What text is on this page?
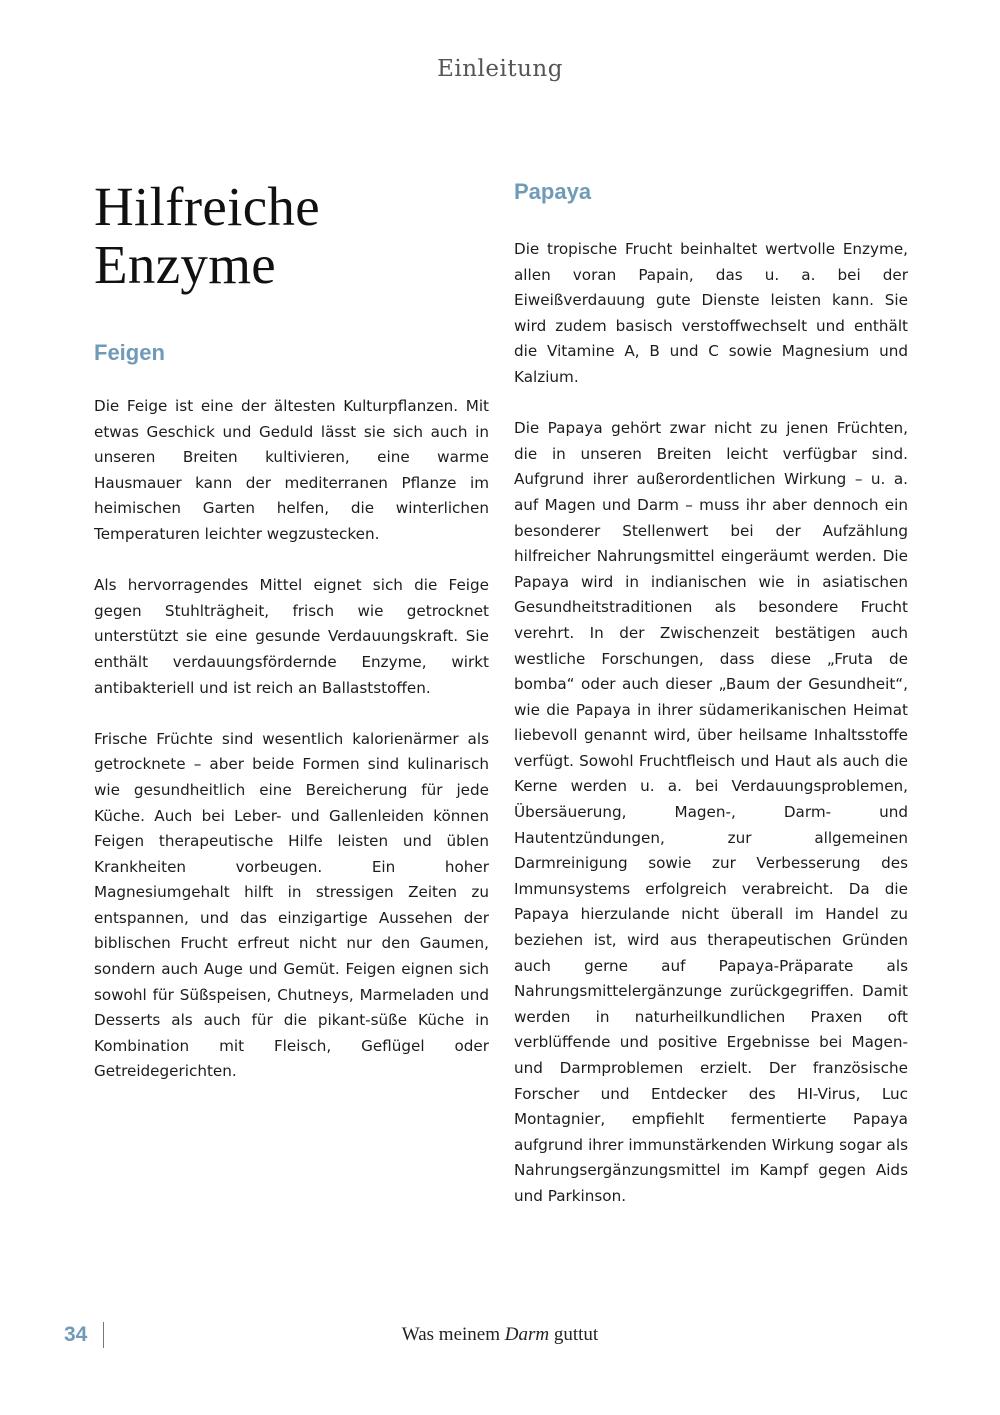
Einleitung
Hilfreiche
Enzyme
Feigen

Die Feige ist eine der ältesten Kulturpflanzen. Mit etwas Geschick und Geduld lässt sie sich auch in unseren Breiten kultivieren, eine warme Hausmauer kann der mediterranen Pflanze im heimischen Garten helfen, die winterlichen Temperaturen leichter wegzustecken.

Als hervorragendes Mittel eignet sich die Feige gegen Stuhlträgheit, frisch wie getrocknet unterstützt sie eine gesunde Verdauungskraft. Sie enthält verdauungsfördernde Enzyme, wirkt antibakteriell und ist reich an Ballaststoffen.

Frische Früchte sind wesentlich kalorienärmer als getrocknete – aber beide Formen sind kulinarisch wie gesundheitlich eine Bereicherung für jede Küche. Auch bei Leber- und Gallenleiden können Feigen therapeutische Hilfe leisten und üblen Krankheiten vorbeugen. Ein hoher Magnesiumgehalt hilft in stressigen Zeiten zu entspannen, und das einzigartige Aussehen der biblischen Frucht erfreut nicht nur den Gaumen, sondern auch Auge und Gemüt. Feigen eignen sich sowohl für Süßspeisen, Chutneys, Marmeladen und Desserts als auch für die pikant-süße Küche in Kombination mit Fleisch, Geflügel oder Getreidegerichten.

Papaya

Die tropische Frucht beinhaltet wertvolle Enzyme, allen voran Papain, das u. a. bei der Eiweißverdauung gute Dienste leisten kann. Sie wird zudem basisch verstoffwechselt und enthält die Vitamine A, B und C sowie Magnesium und Kalzium.

Die Papaya gehört zwar nicht zu jenen Früchten, die in unseren Breiten leicht verfügbar sind. Aufgrund ihrer außerordentlichen Wirkung – u. a. auf Magen und Darm – muss ihr aber dennoch ein besonderer Stellenwert bei der Aufzählung hilfreicher Nahrungsmittel eingeräumt werden. Die Papaya wird in indianischen wie in asiatischen Gesundheitstraditionen als besondere Frucht verehrt. In der Zwischenzeit bestätigen auch westliche Forschungen, dass diese „Fruta de bomba“ oder auch dieser „Baum der Gesundheit“, wie die Papaya in ihrer südamerikanischen Heimat liebevoll genannt wird, über heilsame Inhaltsstoffe verfügt. Sowohl Fruchtfleisch und Haut als auch die Kerne werden u. a. bei Verdauungsproblemen, Übersäuerung, Magen-, Darm- und Hautentzündungen, zur allgemeinen Darmreinigung sowie zur Verbesserung des Immunsystems erfolgreich verabreicht. Da die Papaya hierzulande nicht überall im Handel zu beziehen ist, wird aus therapeutischen Gründen auch gerne auf Papaya-Präparate als Nahrungsmittelergänzunge zurückgegriffen. Damit werden in naturheilkundlichen Praxen oft verblüffende und positive Ergebnisse bei Magen- und Darmproblemen erzielt. Der französische Forscher und Entdecker des HI-Virus, Luc Montagnier, empfiehlt fermentierte Papaya aufgrund ihrer immunstärkenden Wirkung sogar als Nahrungsergänzungsmittel im Kampf gegen Aids und Parkinson.

34	Was meinem Darm guttut
